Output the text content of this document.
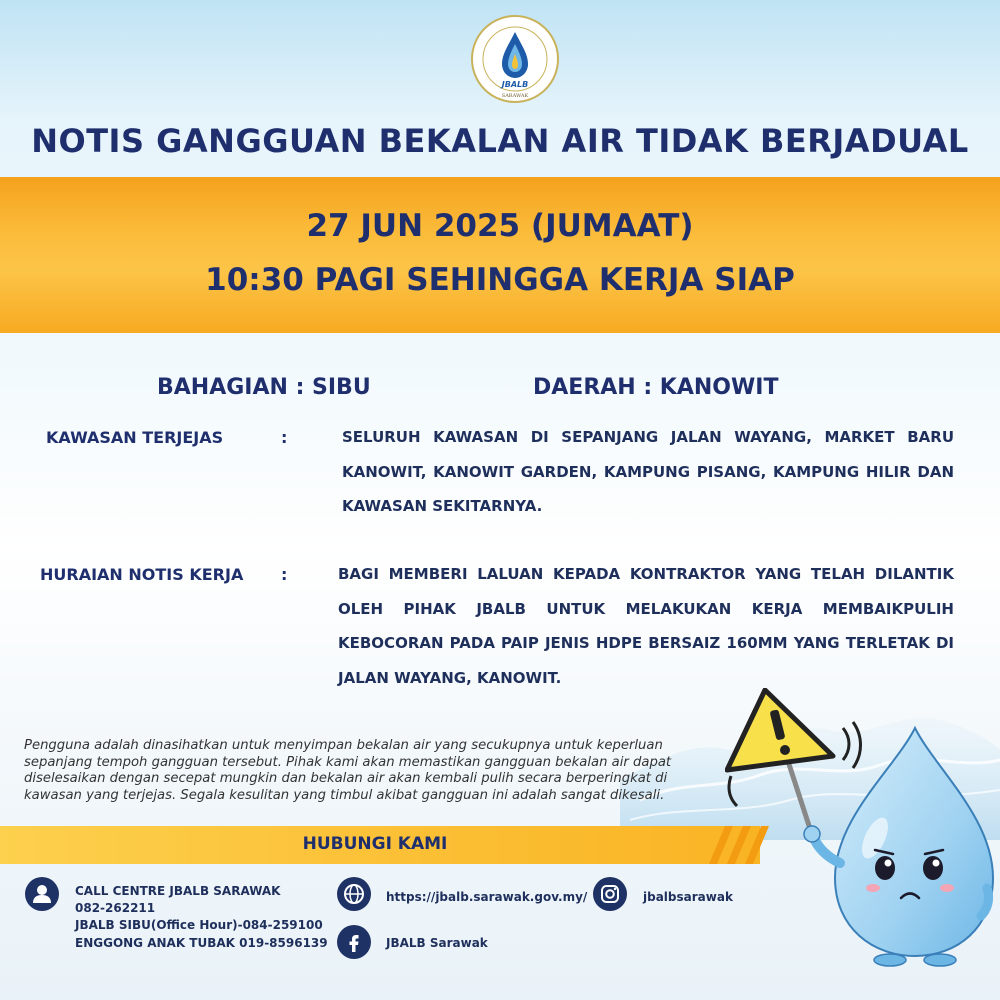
JBALB
SARAWAK
NOTIS GANGGUAN BEKALAN AIR TIDAK BERJADUAL
27 JUN 2025 (JUMAAT)
10:30 PAGI SEHINGGA KERJA SIAP
BAHAGIAN : SIBU	DAERAH : KANOWIT
KAWASAN TERJEJAS	:	SELURUH KAWASAN DI SEPANJANG JALAN WAYANG, MARKET BARU KANOWIT, KANOWIT GARDEN, KAMPUNG PISANG, KAMPUNG HILIR DAN KAWASAN SEKITARNYA.
HURAIAN NOTIS KERJA :	BAGI MEMBERI LALUAN KEPADA KONTRAKTOR YANG TELAH DILANTIK OLEH PIHAK JBALB UNTUK MELAKUKAN KERJA MEMBAIKPULIH KEBOCORAN PADA PAIP JENIS HDPE BERSAIZ 160MM YANG TERLETAK DI JALAN WAYANG, KANOWIT.
Pengguna adalah dinasihatkan untuk menyimpan bekalan air yang secukupnya untuk keperluan sepanjang tempoh gangguan tersebut. Pihak kami akan memastikan gangguan bekalan air dapat diselesaikan dengan secepat mungkin dan bekalan air akan kembali pulih secara berperingkat di kawasan yang terjejas. Segala kesulitan yang timbul akibat gangguan ini adalah sangat dikesali.
HUBUNGI KAMI
CALL CENTRE JBALB SARAWAK
082-262211
JBALB SIBU(Office Hour)-084-259100
ENGGONG ANAK TUBAK 019-8596139
https://jbalb.sarawak.gov.my/
JBALB Sarawak
jbalbsarawak
